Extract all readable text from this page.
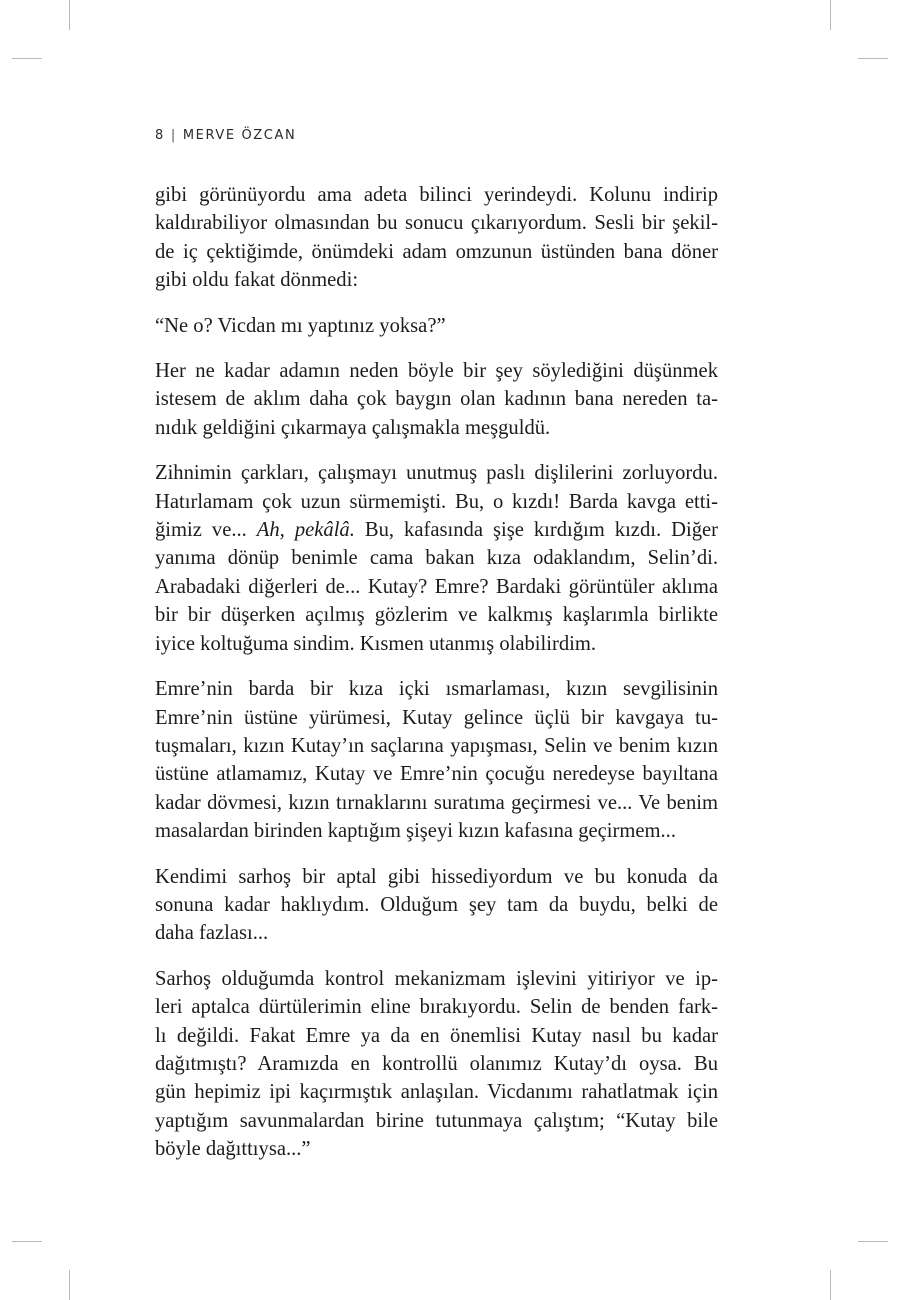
8 | MERVE ÖZCAN

gibi görünüyordu ama adeta bilinci yerindeydi. Kolunu indirip
kaldırabiliyor olmasından bu sonucu çıkarıyordum. Sesli bir şekil-
de iç çektiğimde, önümdeki adam omzunun üstünden bana döner
gibi oldu fakat dönmedi:

“Ne o? Vicdan mı yaptınız yoksa?”

Her ne kadar adamın neden böyle bir şey söylediğini düşünmek
istesem de aklım daha çok baygın olan kadının bana nereden ta-
nıdık geldiğini çıkarmaya çalışmakla meşguldü.

Zihnimin çarkları, çalışmayı unutmuş paslı dişlilerini zorluyordu.
Hatırlamam çok uzun sürmemişti. Bu, o kızdı! Barda kavga etti-
ğimiz ve... Ah, pekâlâ. Bu, kafasında şişe kırdığım kızdı. Diğer
yanıma dönüp benimle cama bakan kıza odaklandım, Selin’di.
Arabadaki diğerleri de... Kutay? Emre? Bardaki görüntüler aklıma
bir bir düşerken açılmış gözlerim ve kalkmış kaşlarımla birlikte
iyice koltuğuma sindim. Kısmen utanmış olabilirdim.

Emre’nin barda bir kıza içki ısmarlaması, kızın sevgilisinin
Emre’nin üstüne yürümesi, Kutay gelince üçlü bir kavgaya tu-
tuşmaları, kızın Kutay’ın saçlarına yapışması, Selin ve benim kızın
üstüne atlamamız, Kutay ve Emre’nin çocuğu neredeyse bayıltana
kadar dövmesi, kızın tırnaklarını suratıma geçirmesi ve... Ve benim
masalardan birinden kaptığım şişeyi kızın kafasına geçirmem...

Kendimi sarhoş bir aptal gibi hissediyordum ve bu konuda da
sonuna kadar haklıydım. Olduğum şey tam da buydu, belki de
daha fazlası...

Sarhoş olduğumda kontrol mekanizmam işlevini yitiriyor ve ip-
leri aptalca dürtülerimin eline bırakıyordu. Selin de benden fark-
lı değildi. Fakat Emre ya da en önemlisi Kutay nasıl bu kadar
dağıtmıştı? Aramızda en kontrollü olanımız Kutay’dı oysa. Bu
gün hepimiz ipi kaçırmıştık anlaşılan. Vicdanımı rahatlatmak için
yaptığım savunmalardan birine tutunmaya çalıştım; “Kutay bile
böyle dağıttıysa...”
